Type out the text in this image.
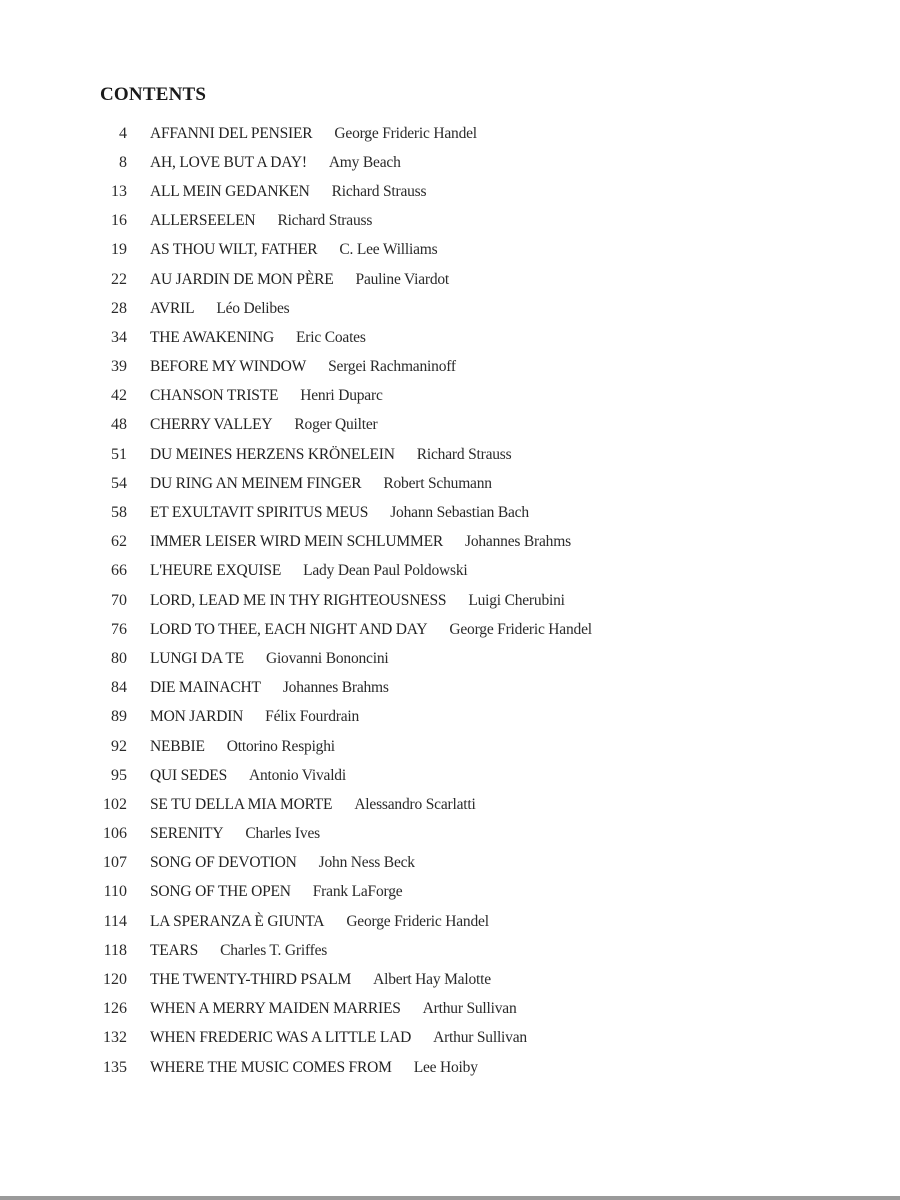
CONTENTS
4 AFFANNI DEL PENSIER George Frideric Handel
8 AH, LOVE BUT A DAY! Amy Beach
13 ALL MEIN GEDANKEN Richard Strauss
16 ALLERSEELEN Richard Strauss
19 AS THOU WILT, FATHER C. Lee Williams
22 AU JARDIN DE MON PÈRE Pauline Viardot
28 AVRIL Léo Delibes
34 THE AWAKENING Eric Coates
39 BEFORE MY WINDOW Sergei Rachmaninoff
42 CHANSON TRISTE Henri Duparc
48 CHERRY VALLEY Roger Quilter
51 DU MEINES HERZENS KRÖNELEIN Richard Strauss
54 DU RING AN MEINEM FINGER Robert Schumann
58 ET EXULTAVIT SPIRITUS MEUS Johann Sebastian Bach
62 IMMER LEISER WIRD MEIN SCHLUMMER Johannes Brahms
66 L'HEURE EXQUISE Lady Dean Paul Poldowski
70 LORD, LEAD ME IN THY RIGHTEOUSNESS Luigi Cherubini
76 LORD TO THEE, EACH NIGHT AND DAY George Frideric Handel
80 LUNGI DA TE Giovanni Bononcini
84 DIE MAINACHT Johannes Brahms
89 MON JARDIN Félix Fourdrain
92 NEBBIE Ottorino Respighi
95 QUI SEDES Antonio Vivaldi
102 SE TU DELLA MIA MORTE Alessandro Scarlatti
106 SERENITY Charles Ives
107 SONG OF DEVOTION John Ness Beck
110 SONG OF THE OPEN Frank LaForge
114 LA SPERANZA È GIUNTA George Frideric Handel
118 TEARS Charles T. Griffes
120 THE TWENTY-THIRD PSALM Albert Hay Malotte
126 WHEN A MERRY MAIDEN MARRIES Arthur Sullivan
132 WHEN FREDERIC WAS A LITTLE LAD Arthur Sullivan
135 WHERE THE MUSIC COMES FROM Lee Hoiby
